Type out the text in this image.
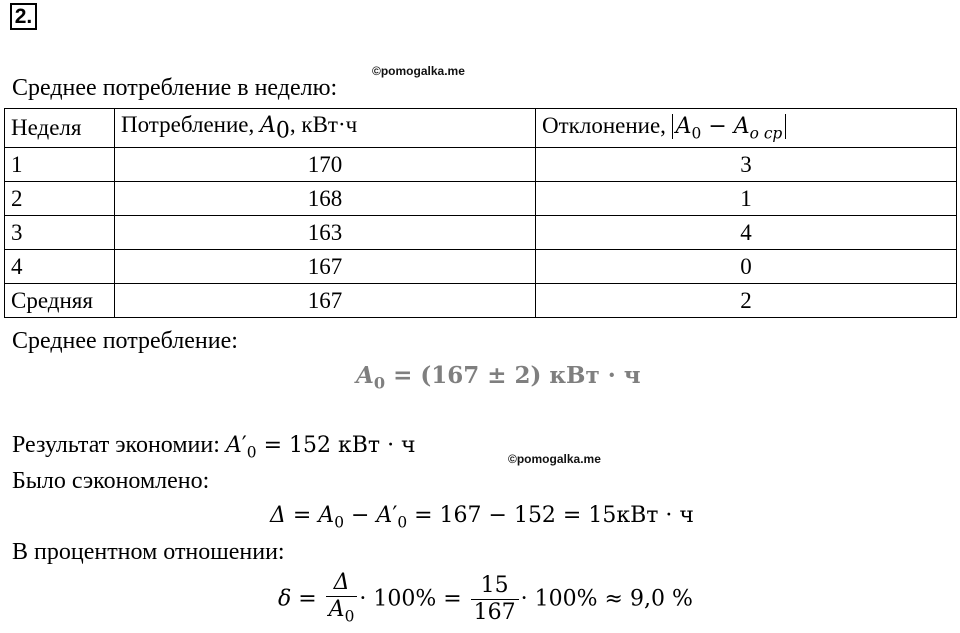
2.
©pomogalka.me
Среднее потребление в неделю:
Неделя	Потребление, $A_0$, кВт·ч	Отклонение, $A_0 - A_{o ср}$
1	170	3
2	168	1
3	163	4
4	167	0
Средняя	167	2
Среднее потребление:
$A_0 = (167 \pm 2)$ кВт · ч
Результат экономии: $A'_0 = 152$ кВт · ч
©pomogalka.me
Было сэкономлено:
$\Delta = A_0 - A'_0 = 167 - 152 = 15кВт \cdot ч$
В процентном отношении:
$\delta = \frac{\Delta}{A_0} \cdot 100\% = \frac{15}{167} \cdot 100\% \approx 9,0$ %
